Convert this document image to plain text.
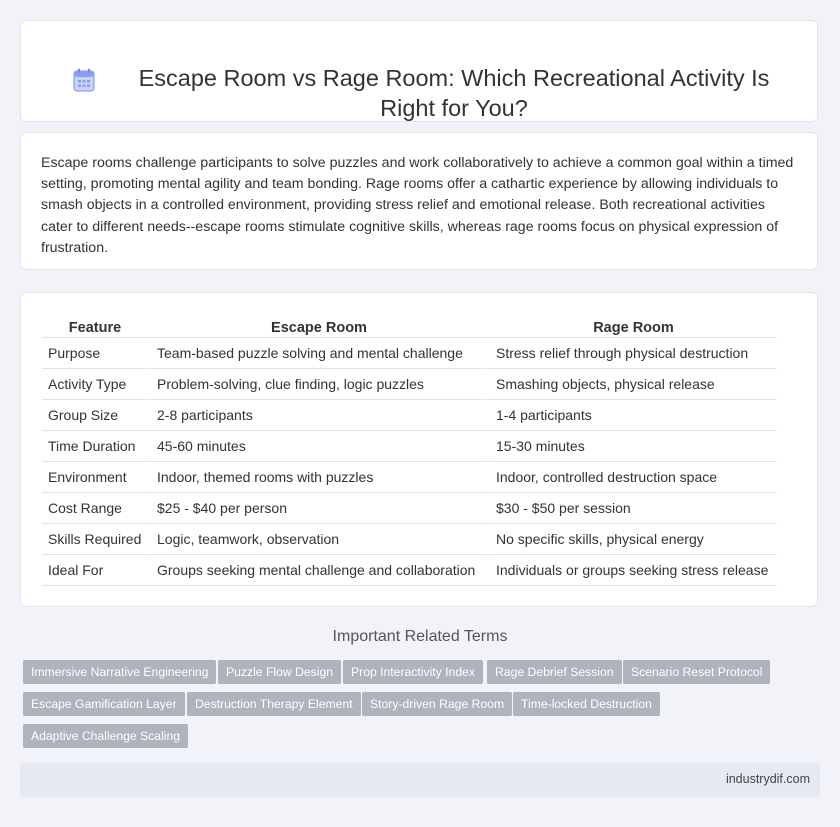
Escape Room vs Rage Room: Which Recreational Activity Is Right for You?

Escape rooms challenge participants to solve puzzles and work collaboratively to achieve a common goal within a timed setting, promoting mental agility and team bonding. Rage rooms offer a cathartic experience by allowing individuals to smash objects in a controlled environment, providing stress relief and emotional release. Both recreational activities cater to different needs--escape rooms stimulate cognitive skills, whereas rage rooms focus on physical expression of frustration.

Feature	Escape Room	Rage Room
Purpose	Team-based puzzle solving and mental challenge	Stress relief through physical destruction
Activity Type	Problem-solving, clue finding, logic puzzles	Smashing objects, physical release
Group Size	2-8 participants	1-4 participants
Time Duration	45-60 minutes	15-30 minutes
Environment	Indoor, themed rooms with puzzles	Indoor, controlled destruction space
Cost Range	$25 - $40 per person	$30 - $50 per session
Skills Required	Logic, teamwork, observation	No specific skills, physical energy
Ideal For	Groups seeking mental challenge and collaboration	Individuals or groups seeking stress release
Important Related Terms
Immersive Narrative Engineering	Puzzle Flow Design	Prop Interactivity Index	Rage Debrief Session	Scenario Reset Protocol
Escape Gamification Layer	Destruction Therapy Element	Story-driven Rage Room	Time-locked Destruction
Adaptive Challenge Scaling
industrydif.com
